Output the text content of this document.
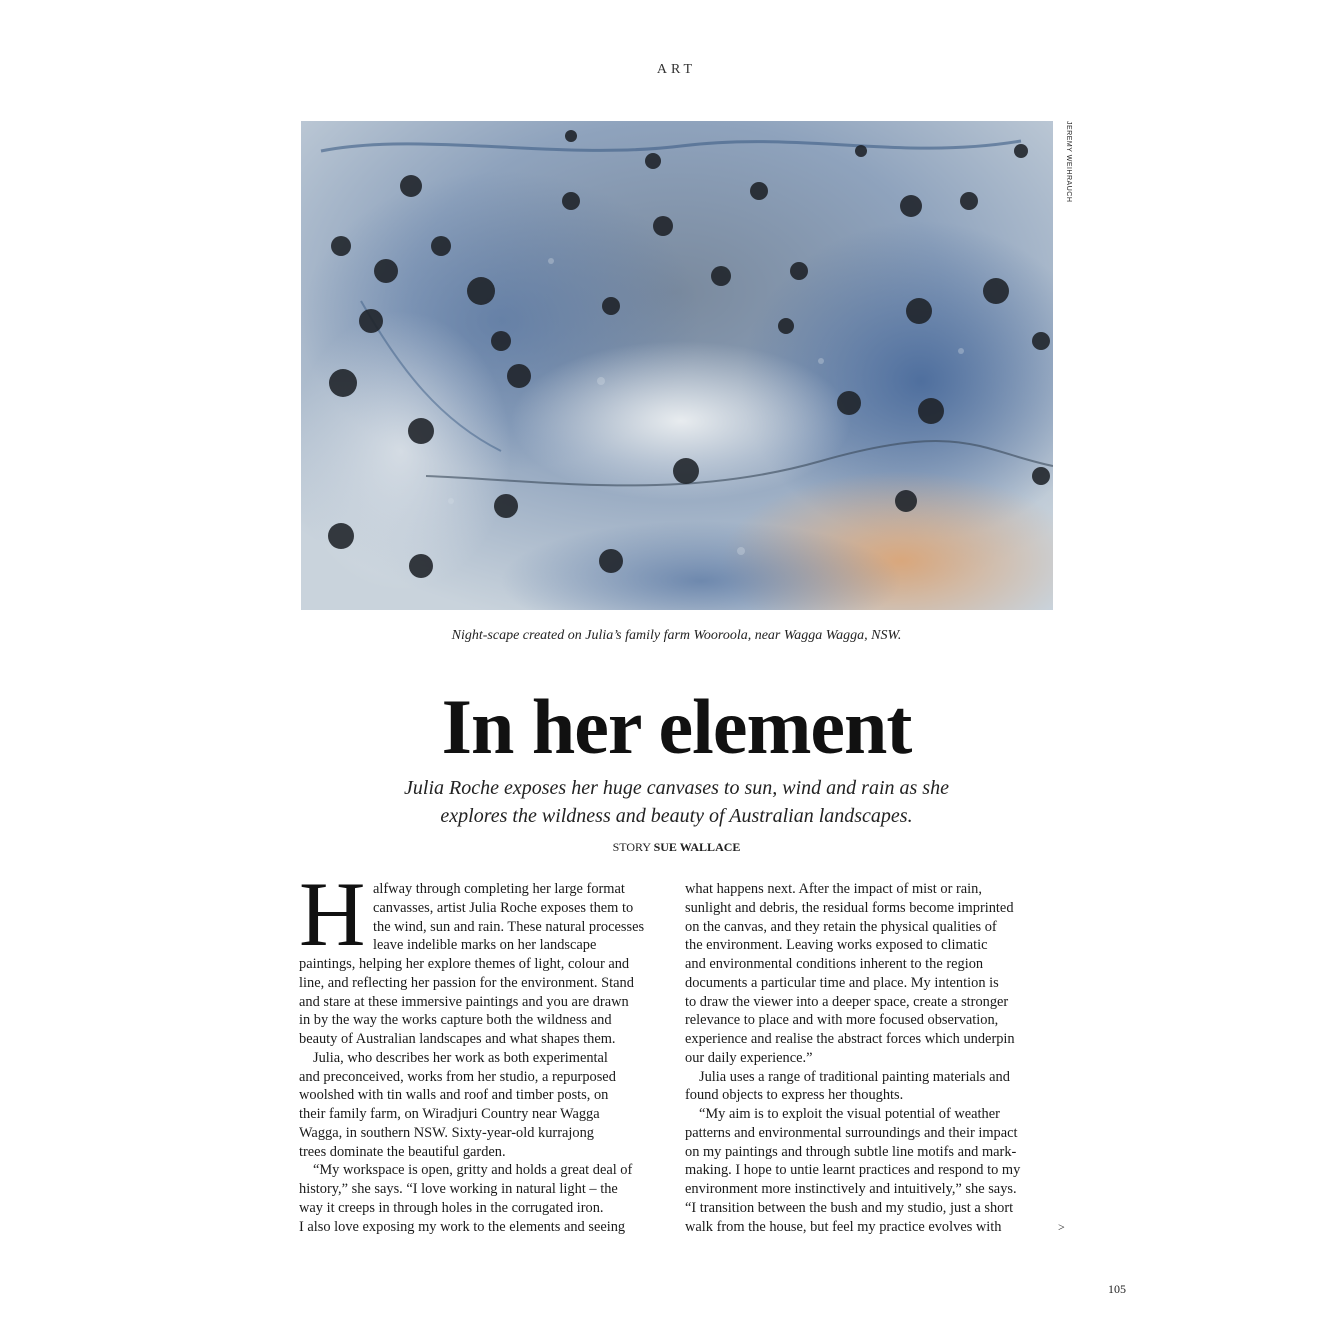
ART
JEREMY WEIHRAUCH
Night-scape created on Julia’s family farm Wooroola, near Wagga Wagga, NSW.
In her element
Julia Roche exposes her huge canvases to sun, wind and rain as she
explores the wildness and beauty of Australian landscapes.
STORY SUE WALLACE
H alfway through completing her large format
canvasses, artist Julia Roche exposes them to
the wind, sun and rain. These natural processes
leave indelible marks on her landscape
paintings, helping her explore themes of light, colour and
line, and reflecting her passion for the environment. Stand
and stare at these immersive paintings and you are drawn
in by the way the works capture both the wildness and
beauty of Australian landscapes and what shapes them.
Julia, who describes her work as both experimental
and preconceived, works from her studio, a repurposed
woolshed with tin walls and roof and timber posts, on
their family farm, on Wiradjuri Country near Wagga
Wagga, in southern NSW. Sixty-year-old kurrajong
trees dominate the beautiful garden.
“My workspace is open, gritty and holds a great deal of
history,” she says. “I love working in natural light – the
way it creeps in through holes in the corrugated iron.
I also love exposing my work to the elements and seeing
what happens next. After the impact of mist or rain,
sunlight and debris, the residual forms become imprinted
on the canvas, and they retain the physical qualities of
the environment. Leaving works exposed to climatic
and environmental conditions inherent to the region
documents a particular time and place. My intention is
to draw the viewer into a deeper space, create a stronger
relevance to place and with more focused observation,
experience and realise the abstract forces which underpin
our daily experience.”
Julia uses a range of traditional painting materials and
found objects to express her thoughts.
“My aim is to exploit the visual potential of weather
patterns and environmental surroundings and their impact
on my paintings and through subtle line motifs and mark-
making. I hope to untie learnt practices and respond to my
environment more instinctively and intuitively,” she says.
“I transition between the bush and my studio, just a short
walk from the house, but feel my practice evolves with	>
105
